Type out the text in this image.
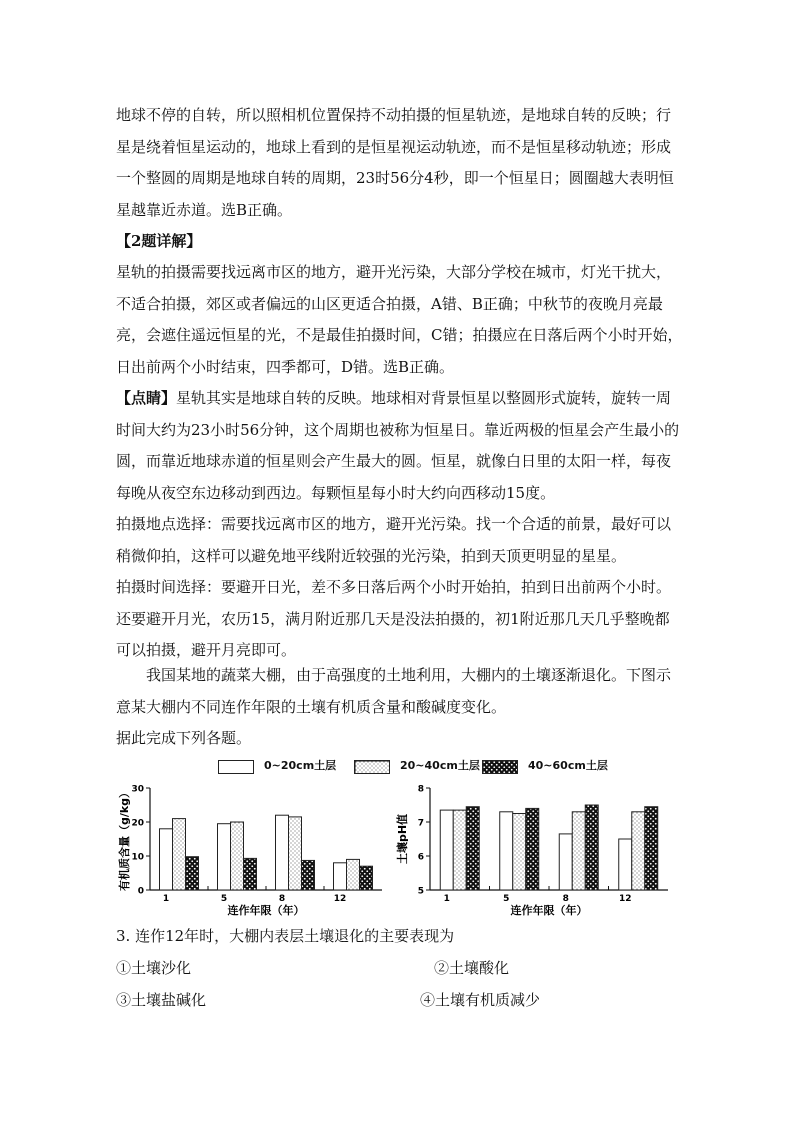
地球不停的自转，所以照相机位置保持不动拍摄的恒星轨迹，是地球自转的反映；行星是绕着恒星运动的，地球上看到的是恒星视运动轨迹，而不是恒星移动轨迹；形成一个整圆的周期是地球自转的周期，23时56分4秒，即一个恒星日；圆圈越大表明恒星越靠近赤道。选B正确。

【2题详解】

星轨的拍摄需要找远离市区的地方，避开光污染，大部分学校在城市，灯光干扰大，不适合拍摄，郊区或者偏远的山区更适合拍摄，A错、B正确；中秋节的夜晚月亮最亮，会遮住遥远恒星的光，不是最佳拍摄时间，C错；拍摄应在日落后两个小时开始，日出前两个小时结束，四季都可，D错。选B正确。

【点睛】星轨其实是地球自转的反映。地球相对背景恒星以整圆形式旋转，旋转一周时间大约为23小时56分钟，这个周期也被称为恒星日。靠近两极的恒星会产生最小的圆，而靠近地球赤道的恒星则会产生最大的圆。恒星，就像白日里的太阳一样，每夜每晚从夜空东边移动到西边。每颗恒星每小时大约向西移动15度。

拍摄地点选择：需要找远离市区的地方，避开光污染。找一个合适的前景，最好可以稍微仰拍，这样可以避免地平线附近较强的光污染，拍到天顶更明显的星星。

拍摄时间选择：要避开日光，差不多日落后两个小时开始拍，拍到日出前两个小时。还要避开月光，农历15，满月附近那几天是没法拍摄的，初1附近那几天几乎整晚都可以拍摄，避开月亮即可。

我国某地的蔬菜大棚，由于高强度的土地利用，大棚内的土壤逐渐退化。下图示意某大棚内不同连作年限的土壤有机质含量和酸碱度变化。

据此完成下列各题。

0~20cm土层	20~40cm土层	40~60cm土层
0
10
20
30
1	5	8	12
连作年限（年）
有机质含量（g/kg）
5
6
7
8
1	5	8	12
连作年限（年）
土壤pH值

3. 连作12年时，大棚内表层土壤退化的主要表现为

①土壤沙化	②土壤酸化

③土壤盐碱化	④土壤有机质减少
